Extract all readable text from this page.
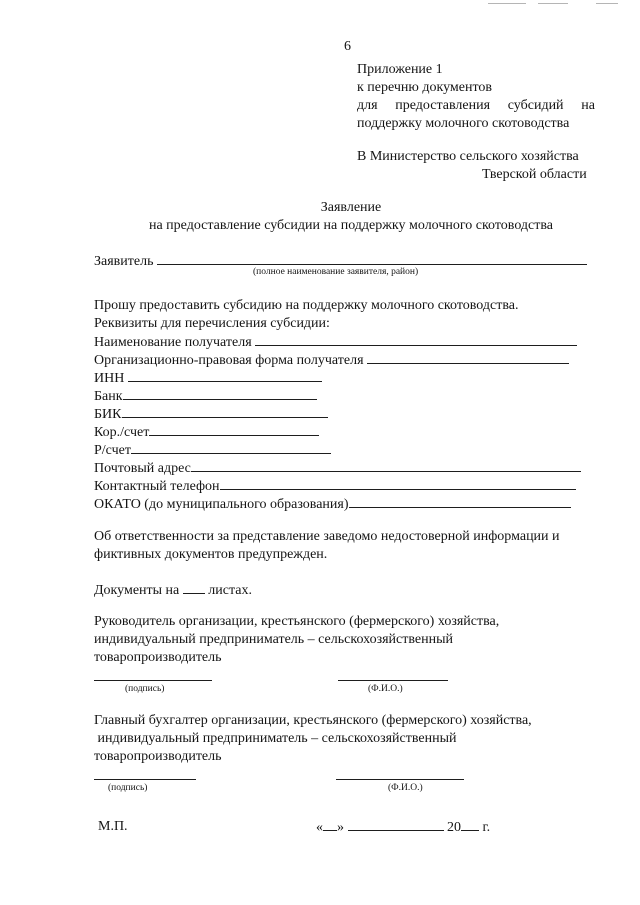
6
Приложение 1
к перечню документов
для предоставления субсидий на
поддержку молочного скотоводства
В Министерство сельского хозяйства
Тверской области
Заявление
на предоставление субсидии на поддержку молочного скотоводства
Заявитель
(полное наименование заявителя, район)
Прошу предоставить субсидию на поддержку молочного скотоводства.
Реквизиты для перечисления субсидии:
Наименование получателя
Организационно-правовая форма получателя
ИНН
Банк
БИК
Кор./счет
Р/счет
Почтовый адрес
Контактный телефон
ОКАТО (до муниципального образования)
Об ответственности за представление заведомо недостоверной информации и
фиктивных документов предупрежден.
Документы на листах.
Руководитель организации, крестьянского (фермерского) хозяйства,
индивидуальный предприниматель – сельскохозяйственный
товаропроизводитель
(подпись)	(Ф.И.О.)
Главный бухгалтер организации, крестьянского (фермерского) хозяйства,
индивидуальный предприниматель – сельскохозяйственный
товаропроизводитель
(подпись)	(Ф.И.О.)
М.П.	« »	20 г.
